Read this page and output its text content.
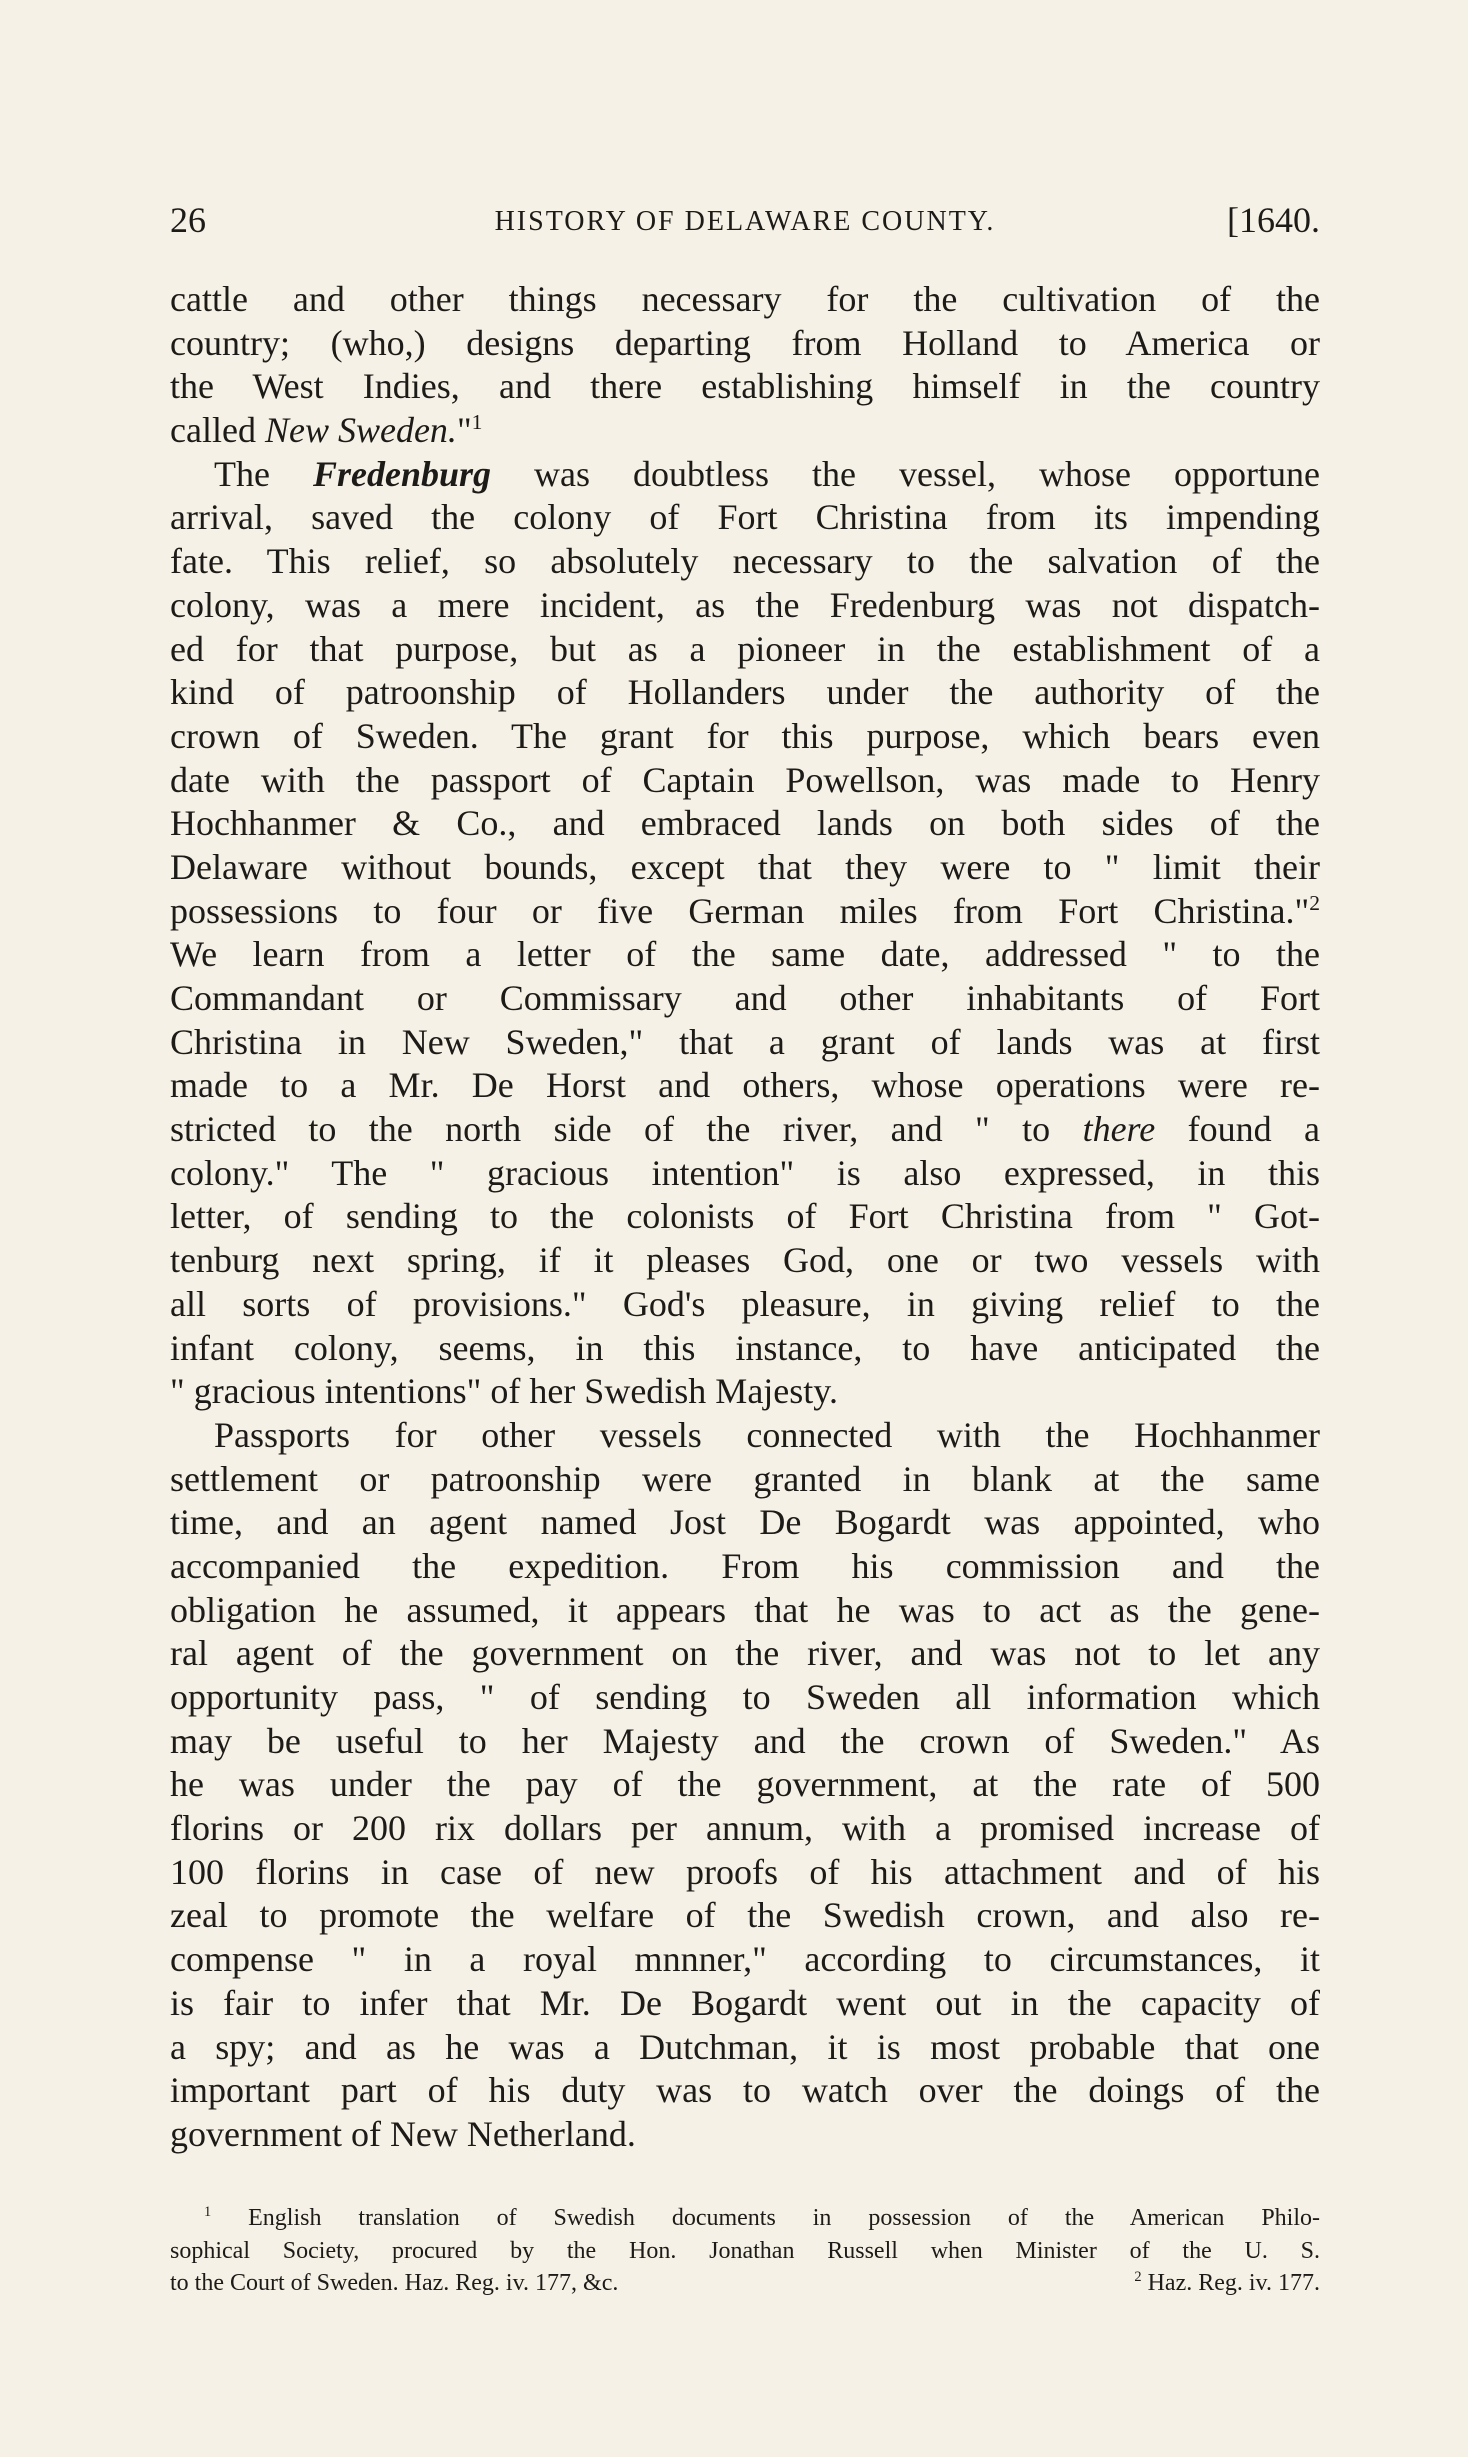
26	HISTORY OF DELAWARE COUNTY.	[1640.
cattle and other things necessary for the cultivation of the
country; (who,) designs departing from Holland to America or
the West Indies, and there establishing himself in the country
called New Sweden."$^1$
The Fredenburg was doubtless the vessel, whose opportune
arrival, saved the colony of Fort Christina from its impending
fate. This relief, so absolutely necessary to the salvation of the
colony, was a mere incident, as the Fredenburg was not dispatch-
ed for that purpose, but as a pioneer in the establishment of a
kind of patroonship of Hollanders under the authority of the
crown of Sweden. The grant for this purpose, which bears even
date with the passport of Captain Powellson, was made to Henry
Hochhanmer & Co., and embraced lands on both sides of the
Delaware without bounds, except that they were to " limit their
possessions to four or five German miles from Fort Christina."$^2$
We learn from a letter of the same date, addressed " to the
Commandant or Commissary and other inhabitants of Fort
Christina in New Sweden," that a grant of lands was at first
made to a Mr. De Horst and others, whose operations were re-
stricted to the north side of the river, and " to there found a
colony." The " gracious intention" is also expressed, in this
letter, of sending to the colonists of Fort Christina from " Got-
tenburg next spring, if it pleases God, one or two vessels with
all sorts of provisions." God's pleasure, in giving relief to the
infant colony, seems, in this instance, to have anticipated the
" gracious intentions" of her Swedish Majesty.
Passports for other vessels connected with the Hochhanmer
settlement or patroonship were granted in blank at the same
time, and an agent named Jost De Bogardt was appointed, who
accompanied the expedition. From his commission and the
obligation he assumed, it appears that he was to act as the gene-
ral agent of the government on the river, and was not to let any
opportunity pass, " of sending to Sweden all information which
may be useful to her Majesty and the crown of Sweden." As
he was under the pay of the government, at the rate of 500
florins or 200 rix dollars per annum, with a promised increase of
100 florins in case of new proofs of his attachment and of his
zeal to promote the welfare of the Swedish crown, and also re-
compense " in a royal mnnner," according to circumstances, it
is fair to infer that Mr. De Bogardt went out in the capacity of
a spy; and as he was a Dutchman, it is most probable that one
important part of his duty was to watch over the doings of the
government of New Netherland.
$^1$ English translation of Swedish documents in possession of the American Philo-
sophical Society, procured by the Hon. Jonathan Russell when Minister of the U. S.
to the Court of Sweden. Haz. Reg. iv. 177, &c.	$^2$ Haz. Reg. iv. 177.
